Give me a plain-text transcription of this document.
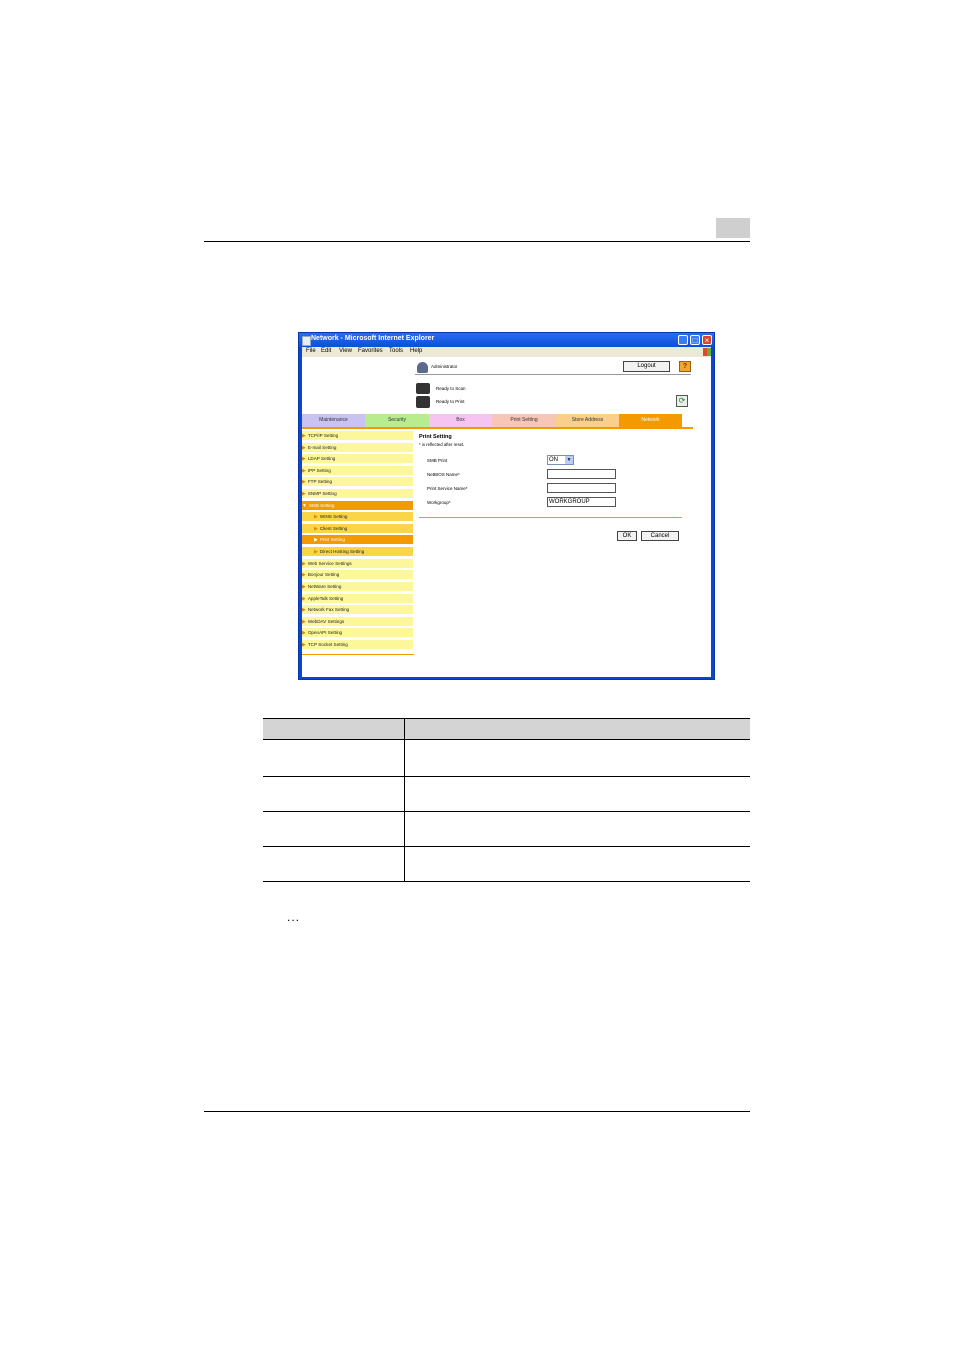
Network - Microsoft Internet Explorer	_ □ ×
File Edit View Favorites Tools Help
Administrator	Logout	?
Ready to Scan
Ready to Print	⟳
Maintenance	Security	Box	Print Setting	Store Address	Network
▶ TCP/IP Setting
▶ E-mail Setting
▶ LDAP Setting
▶ IPP Setting
▶ FTP Setting
▶ SNMP Setting
▼ SMB Setting
▶ WINS Setting
▶ Client Setting
▶ Print Setting
▶ Direct Hosting Setting
▶ Web Service Settings
▶ Bonjour Setting
▶ NetWare Setting
▶ AppleTalk Setting
▶ Network Fax Setting
▶ WebDAV Settings
▶ OpenAPI Setting
▶ TCP Socket Setting
Print Setting
* is reflected after reset.
SMB Print	ON	▼
NetBIOS Name*
Print Service Name*
Workgroup*	WORKGROUP
OK	Cancel
...
